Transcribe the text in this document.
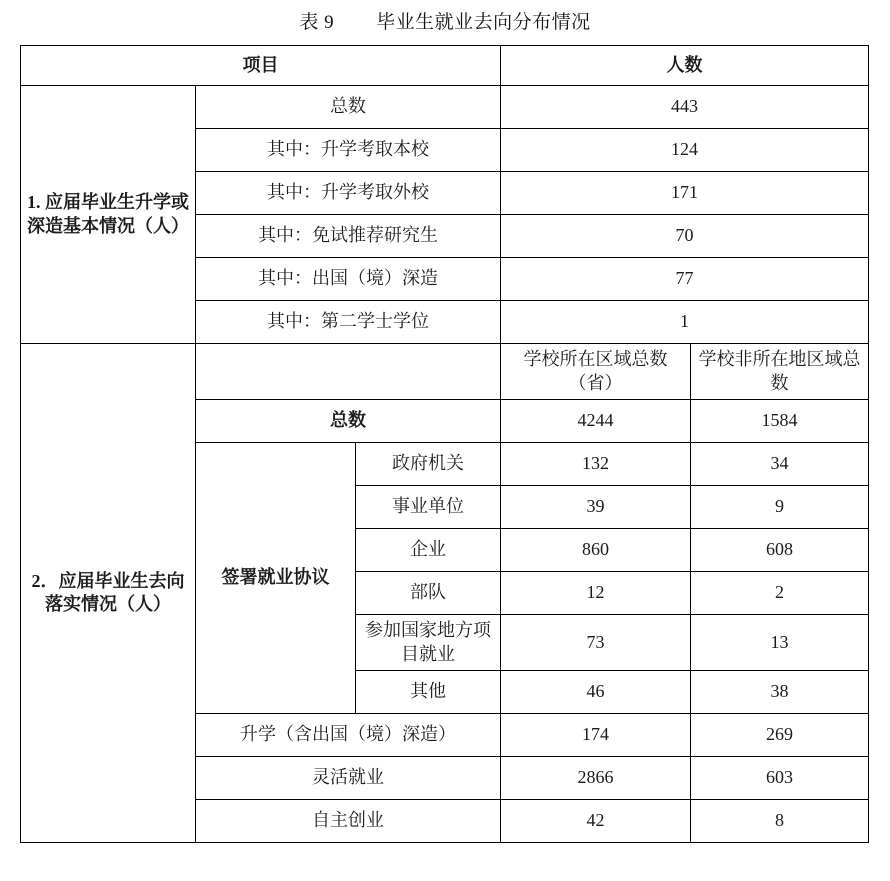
表 9        毕业生就业去向分布情况
项目			人数	
1. 应届毕业生升学或深造基本情况（人）	总数		443	
	其中：升学考取本校		124	
	其中：升学考取外校		171	
	其中：免试推荐研究生		70	
	其中：出国（境）深造		77	
	其中：第二学士学位		1	
2．应届毕业生去向落实情况（人）			学校所在区域总数（省）	学校非所在地区域总数
	总数		4244	1584
	签署就业协议	政府机关	132	34
		事业单位	39	9
		企业	860	608
		部队	12	2
		参加国家地方项目就业	73	13
		其他	46	38
	升学（含出国（境）深造）		174	269
	灵活就业		2866	603
	自主创业		42	8
